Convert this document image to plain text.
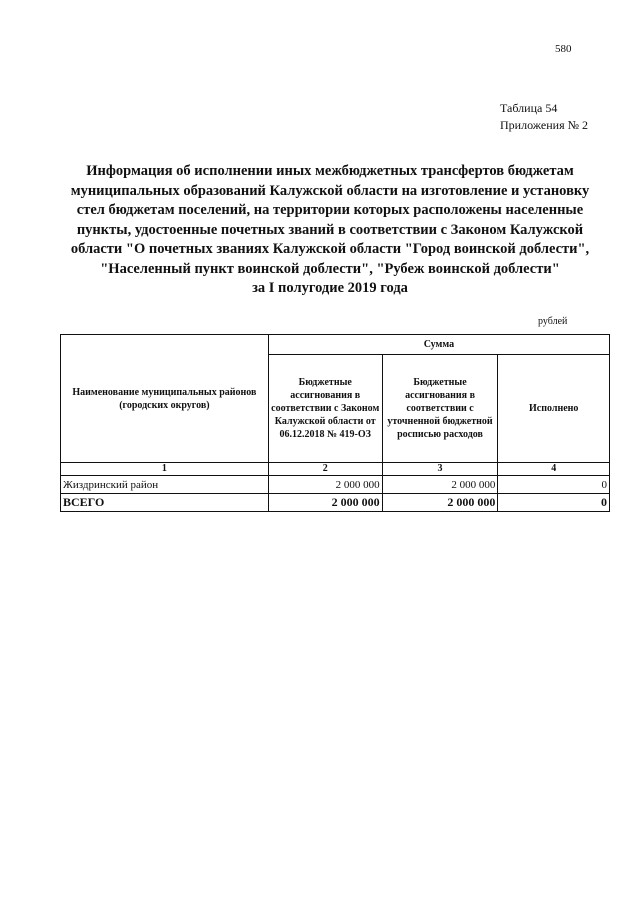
580
Таблица 54
Приложения № 2
Информация об исполнении иных межбюджетных трансфертов бюджетам
муниципальных образований Калужской области на изготовление и установку
стел бюджетам поселений, на территории которых расположены населенные
пункты, удостоенные почетных званий в соответствии с Законом Калужской
области "О почетных званиях Калужской области "Город воинской доблести",
"Населенный пункт воинской доблести", "Рубеж воинской доблести"
за I полугодие 2019 года
рублей
Наименование муниципальных районов (городских округов)	Сумма		
	Бюджетные ассигнования в соответствии с Законом Калужской области от 06.12.2018 № 419-ОЗ	Бюджетные ассигнования в соответствии с уточненной бюджетной росписью расходов	Исполнено
1	2	3	4
Жиздринский район	2 000 000	2 000 000	0
ВСЕГО	2 000 000	2 000 000	0
